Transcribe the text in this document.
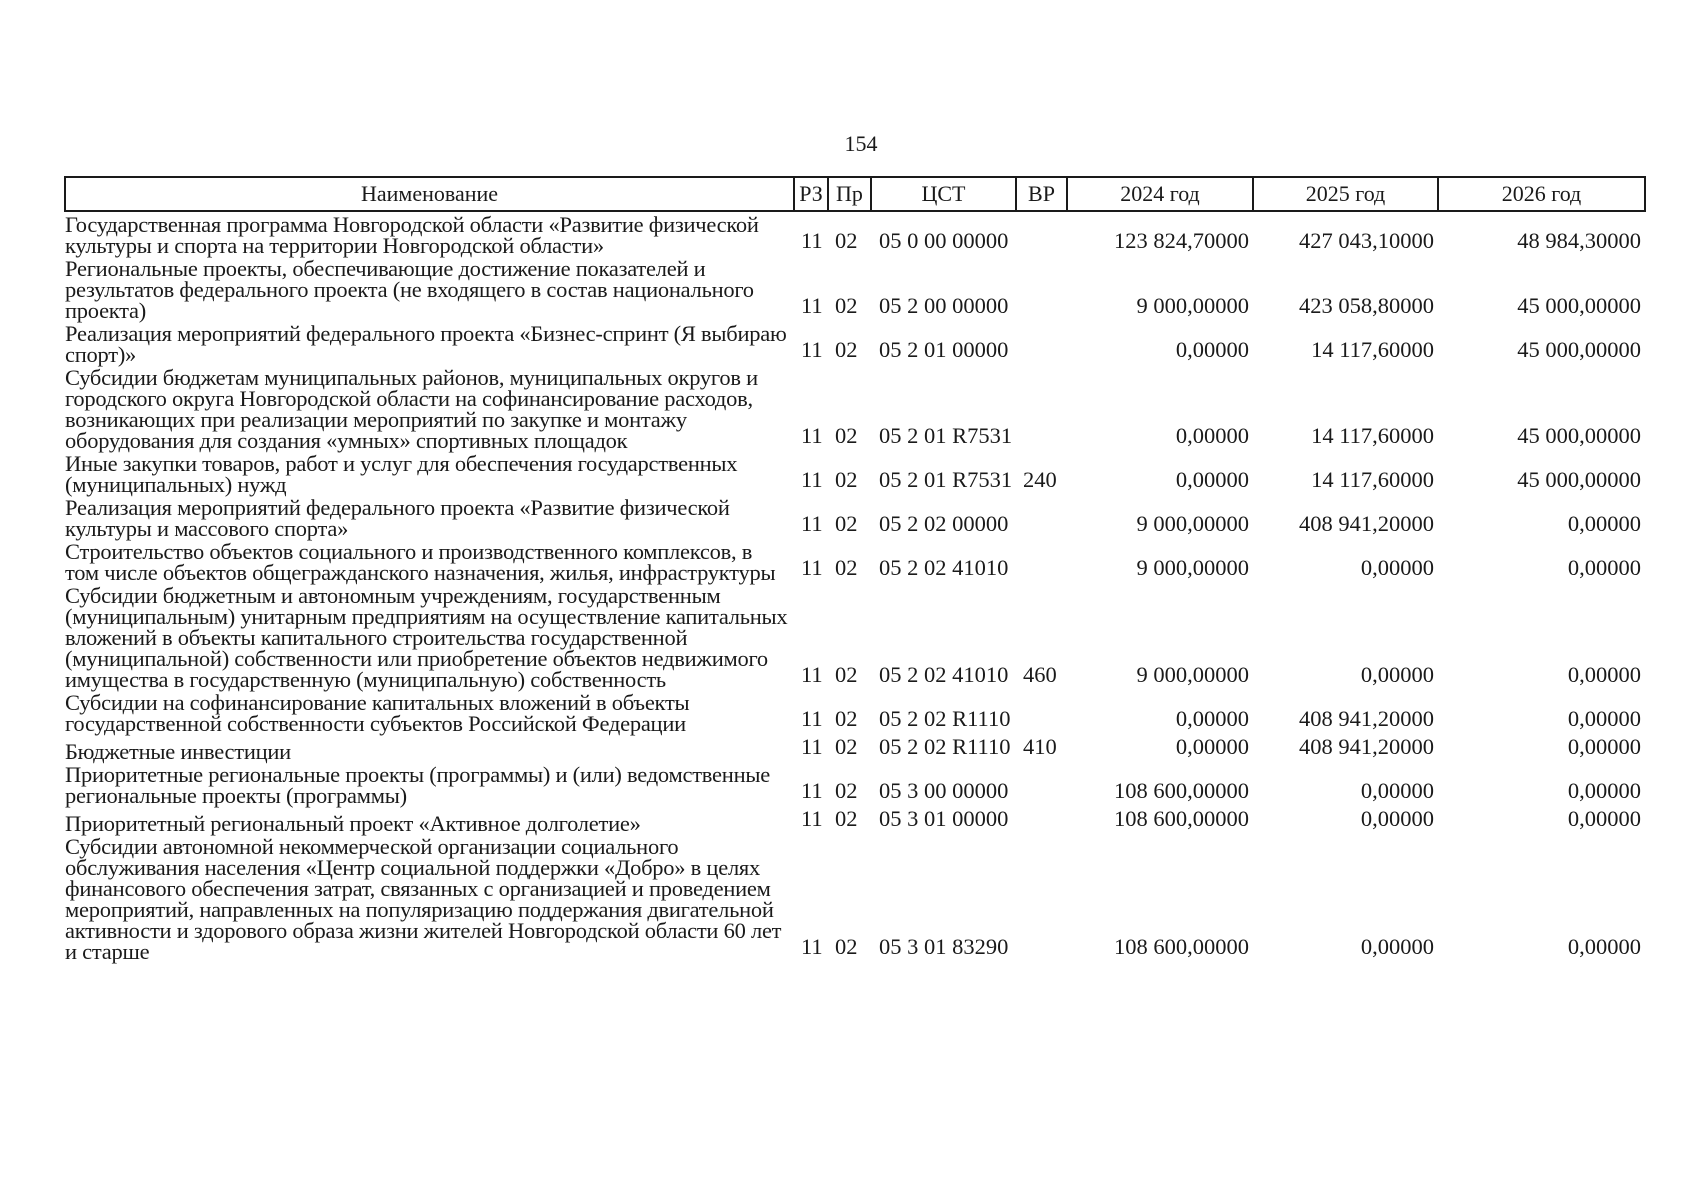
154
Наименование	РЗ	Пр	ЦСТ	ВР	2024 год	2025 год	2026 год
Государственная программа Новгородской области «Развитие физической культуры и спорта на территории Новгородской области»	11	02	05 0 00 00000		123 824,70000	427 043,10000	48 984,30000
Региональные проекты, обеспечивающие достижение показателей и результатов федерального проекта (не входящего в состав национального проекта)	11	02	05 2 00 00000		9 000,00000	423 058,80000	45 000,00000
Реализация мероприятий федерального проекта «Бизнес-спринт (Я выбираю спорт)»	11	02	05 2 01 00000		0,00000	14 117,60000	45 000,00000
Субсидии бюджетам муниципальных районов, муниципальных округов и городского округа Новгородской области на софинансирование расходов, возникающих при реализации мероприятий по закупке и монтажу оборудования для создания «умных» спортивных площадок	11	02	05 2 01 R7531		0,00000	14 117,60000	45 000,00000
Иные закупки товаров, работ и услуг для обеспечения государственных (муниципальных) нужд	11	02	05 2 01 R7531	240	0,00000	14 117,60000	45 000,00000
Реализация мероприятий федерального проекта «Развитие физической культуры и массового спорта»	11	02	05 2 02 00000		9 000,00000	408 941,20000	0,00000
Строительство объектов социального и производственного комплексов, в том числе объектов общегражданского назначения, жилья, инфраструктуры	11	02	05 2 02 41010		9 000,00000	0,00000	0,00000
Субсидии бюджетным и автономным учреждениям, государственным (муниципальным) унитарным предприятиям на осуществление капитальных вложений в объекты капитального строительства государственной (муниципальной) собственности или приобретение объектов недвижимого имущества в государственную (муниципальную) собственность	11	02	05 2 02 41010	460	9 000,00000	0,00000	0,00000
Субсидии на софинансирование капитальных вложений в объекты государственной собственности субъектов Российской Федерации	11	02	05 2 02 R1110		0,00000	408 941,20000	0,00000
Бюджетные инвестиции	11	02	05 2 02 R1110	410	0,00000	408 941,20000	0,00000
Приоритетные региональные проекты (программы) и (или) ведомственные региональные проекты (программы)	11	02	05 3 00 00000		108 600,00000	0,00000	0,00000
Приоритетный региональный проект «Активное долголетие»	11	02	05 3 01 00000		108 600,00000	0,00000	0,00000
Субсидии автономной некоммерческой организации социального обслуживания населения «Центр социальной поддержки «Добро» в целях финансового обеспечения затрат, связанных с организацией и проведением мероприятий, направленных на популяризацию поддержания двигательной активности и здорового образа жизни жителей Новгородской области 60 лет и старше	11	02	05 3 01 83290		108 600,00000	0,00000	0,00000
